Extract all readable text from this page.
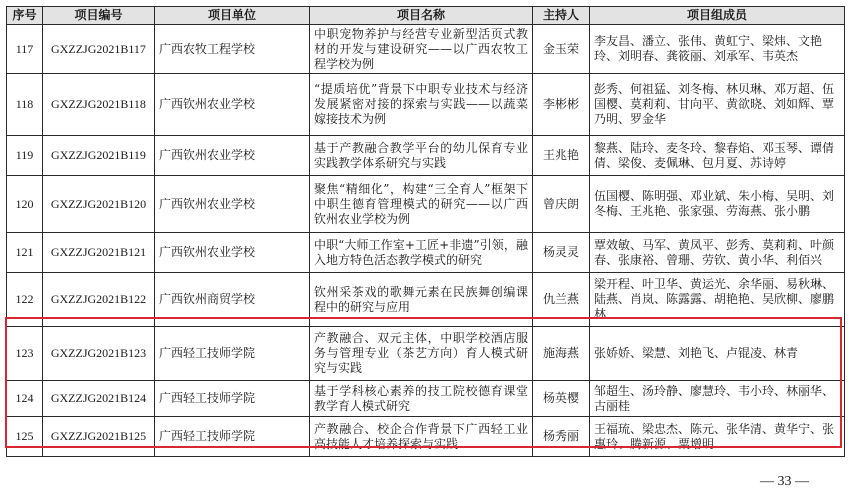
序号	项目编号	项目单位	项目名称	主持人	项目组成员
117	GXZZJG2021B117	广西农牧工程学校	中职宠物养护与经营专业新型活页式教材的开发与建设研究——以广西农牧工程学校为例	金玉荣	李友昌、潘立、张伟、黄虹宁、梁炜、文艳玲、刘明春、龚筱丽、刘承军、韦英杰
118	GXZZJG2021B118	广西钦州农业学校	“提质培优”背景下中职专业技术与经济发展紧密对接的探索与实践——以蔬菜嫁接技术为例	李彬彬	彭秀、何祖猛、刘冬梅、林贝琳、邓万超、伍国樱、莫莉莉、甘向平、黄欲晓、刘如辉、覃乃明、罗金华
119	GXZZJG2021B119	广西钦州农业学校	基于产教融合教学平台的幼儿保育专业实践教学体系研究与实践	王兆艳	黎燕、陆玲、麦冬玲、黎春焰、邓玉琴、谭倩倩、梁俊、麦佩琳、包月夏、苏诗婷
120	GXZZJG2021B120	广西钦州农业学校	聚焦“精细化”，构建“三全育人”框架下中职生德育管理模式的研究——以广西钦州农业学校为例	曾庆朗	伍国樱、陈明强、邓业斌、朱小梅、吴明、刘冬梅、王兆艳、张家强、劳海燕、张小鹏
121	GXZZJG2021B121	广西钦州农业学校	中职“大师工作室+工匠+非遗”引领，融入地方特色活态教学模式的研究	杨灵灵	覃效敏、马军、黄凤平、彭秀、莫莉莉、叶颜春、张康裕、曾珊、劳钦、黄小华、利佰兴
122	GXZZJG2021B122	广西钦州商贸学校	钦州采茶戏的歌舞元素在民族舞创编课程中的研究与应用	仇兰燕	梁开程、叶卫华、黄运光、余华丽、易秋琳、陆燕、肖岚、陈露露、胡艳艳、吴欣柳、廖鹏林
123	GXZZJG2021B123	广西轻工技师学院	产教融合、双元主体，中职学校酒店服务与管理专业（茶艺方向）育人模式研究与实践	施海燕	张娇娇、梁慧、刘艳飞、卢锟凌、林青
124	GXZZJG2021B124	广西轻工技师学院	基于学科核心素养的技工院校德育课堂教学育人模式研究	杨英樱	邹超生、汤玲静、廖慧玲、韦小玲、林丽华、古丽桂
125	GXZZJG2021B125	广西轻工技师学院	产教融合、校企合作背景下广西轻工业高技能人才培养探索与实践	杨秀丽	王福琉、梁忠杰、陈元、张华清、黄华宁、张惠玲、腾新源、粟增明
— 33 —
